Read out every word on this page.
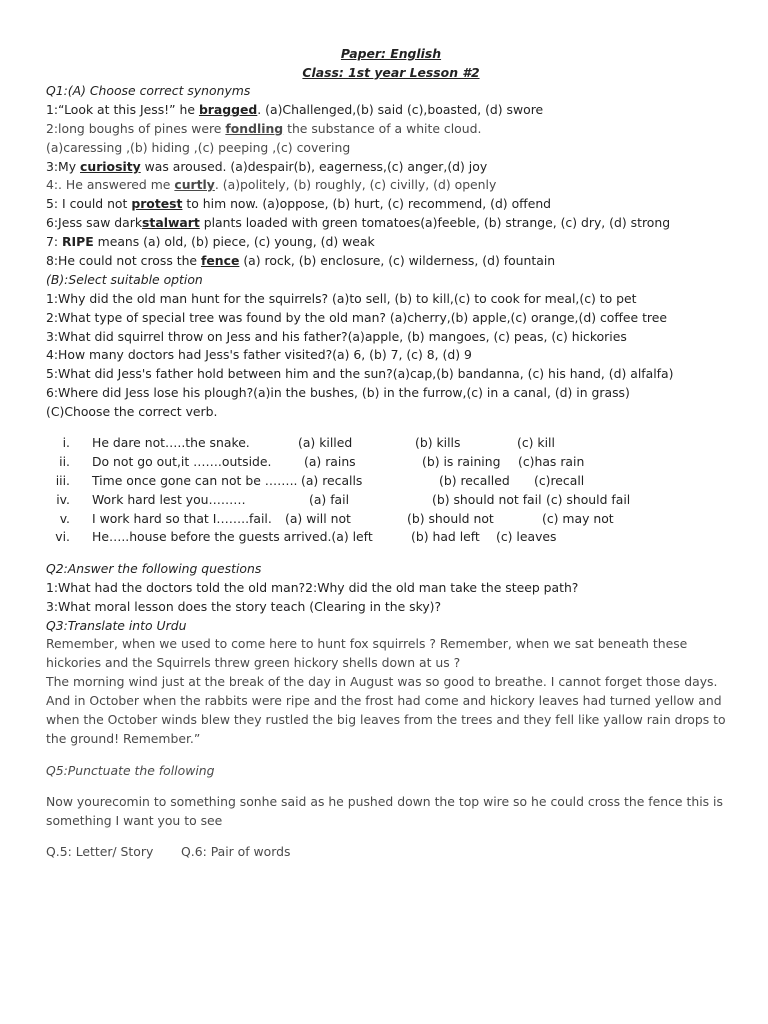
Paper: English
Class: 1st year Lesson #2
Q1:(A) Choose correct synonyms
1:“Look at this Jess!” he bragged. (a)Challenged,(b) said (c),boasted, (d) swore
2:long boughs of pines were fondling the substance of a white cloud.
(a)caressing ,(b) hiding ,(c) peeping ,(c) covering
3:My curiosity was aroused. (a)despair(b), eagerness,(c) anger,(d) joy
4:. He answered me curtly. (a)politely, (b) roughly, (c) civilly, (d) openly
5: I could not protest to him now. (a)oppose, (b) hurt, (c) recommend, (d) offend
6:Jess saw darkstalwart plants loaded with green tomatoes(a)feeble, (b) strange, (c) dry, (d) strong
7: RIPE means (a) old, (b) piece, (c) young, (d) weak
8:He could not cross the fence (a) rock, (b) enclosure, (c) wilderness, (d) fountain
(B):Select suitable option
1:Why did the old man hunt for the squirrels? (a)to sell, (b) to kill,(c) to cook for meal,(c) to pet
2:What type of special tree was found by the old man? (a)cherry,(b) apple,(c) orange,(d) coffee tree
3:What did squirrel throw on Jess and his father?(a)apple, (b) mangoes, (c) peas, (c) hickories
4:How many doctors had Jess's father visited?(a) 6, (b) 7, (c) 8, (d) 9
5:What did Jess's father hold between him and the sun?(a)cap,(b) bandanna, (c) his hand, (d) alfalfa)
6:Where did Jess lose his plough?(a)in the bushes, (b) in the furrow,(c) in a canal, (d) in grass)
(C)Choose the correct verb.
i. He dare not…..the snake.	(a) killed	(b) kills	(c) kill
ii. Do not go out,it …….outside.	(a) rains	(b) is raining (c)has rain
iii. Time once gone can not be …….. (a) recalls	(b) recalled (c)recall
iv. Work hard lest you………	(a) fail	(b) should not fail (c) should fail
v. I work hard so that I……..fail. (a) will not	(b) should not	(c) may not
vi. He…..house before the guests arrived.(a) left	(b) had left (c) leaves
Q2:Answer the following questions
1:What had the doctors told the old man?2:Why did the old man take the steep path?
3:What moral lesson does the story teach (Clearing in the sky)?
Q3:Translate into Urdu
Remember, when we used to come here to hunt fox squirrels ? Remember, when we sat beneath these hickories and the Squirrels threw green hickory shells down at us ?
The morning wind just at the break of the day in August was so good to breathe. I cannot forget those days. And in October when the rabbits were ripe and the frost had come and hickory leaves had turned yellow and when the October winds blew they rustled the big leaves from the trees and they fell like yallow rain drops to the ground! Remember.”
Q5:Punctuate the following
Now yourecomin to something sonhe said as he pushed down the top wire so he could cross the fence this is something I want you to see
Q.5: Letter/ Story Q.6: Pair of words
